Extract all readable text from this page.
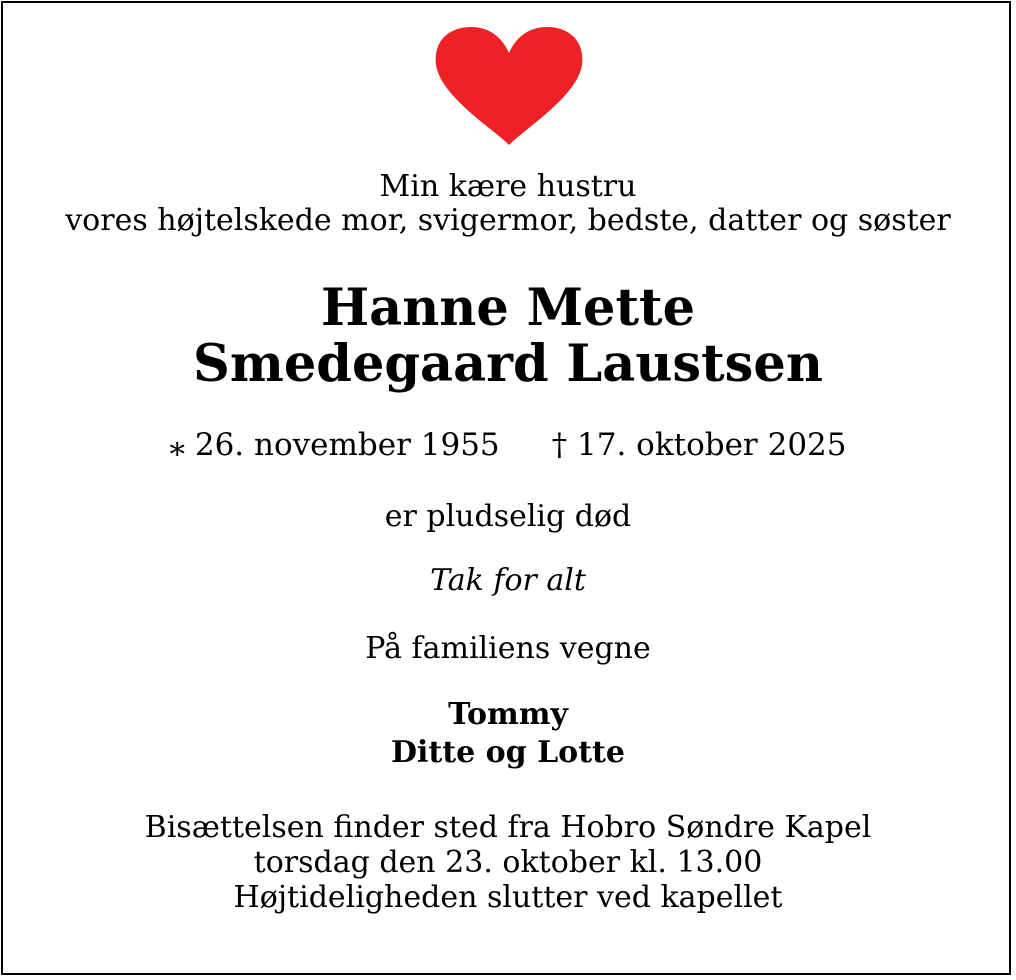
Min kære hustru
vores højtelskede mor, svigermor, bedste, datter og søster

Hanne Mette
Smedegaard Laustsen

⁎ 26. november 1955 † 17. oktober 2025

er pludselig død

Tak for alt

På familiens vegne

Tommy
Ditte og Lotte

Bisættelsen finder sted fra Hobro Søndre Kapel
torsdag den 23. oktober kl. 13.00
Højtideligheden slutter ved kapellet
